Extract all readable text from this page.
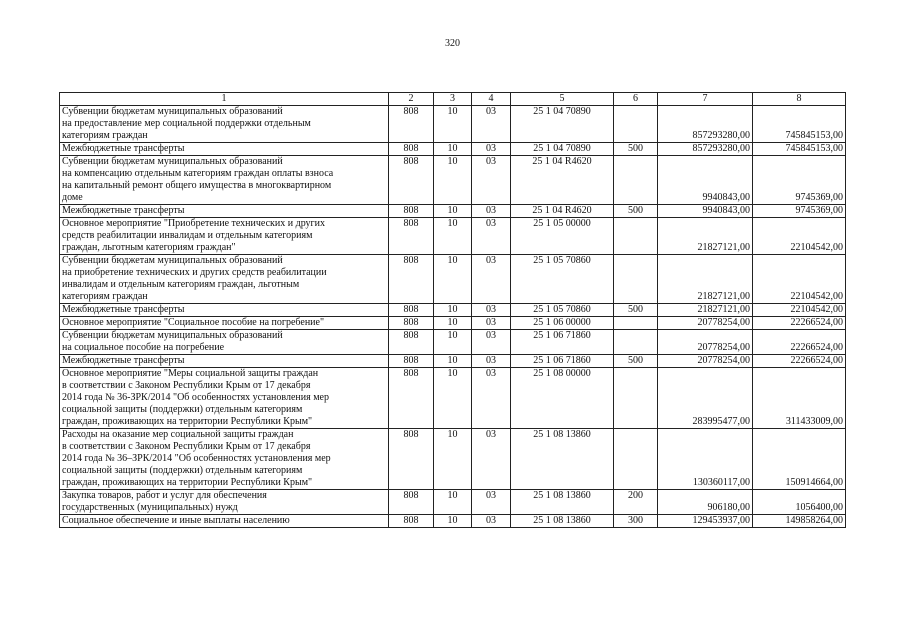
320
1	2	3	4	5	6	7	8

Субвенции бюджетам муниципальных образований
на предоставление мер социальной поддержки отдельным
категориям граждан	808	10	03	25 1 04 70890		857293280,00	745845153,00

Межбюджетные трансферты	808	10	03	25 1 04 70890	500	857293280,00	745845153,00

Субвенции бюджетам муниципальных образований
на компенсацию отдельным категориям граждан оплаты взноса
на капитальный ремонт общего имущества в многоквартирном
доме	808	10	03	25 1 04 R4620		9940843,00	9745369,00

Межбюджетные трансферты	808	10	03	25 1 04 R4620	500	9940843,00	9745369,00

Основное мероприятие "Приобретение технических и других
средств реабилитации инвалидам и отдельным категориям
граждан, льготным категориям граждан"	808	10	03	25 1 05 00000		21827121,00	22104542,00

Субвенции бюджетам муниципальных образований
на приобретение технических и других средств реабилитации
инвалидам и отдельным категориям граждан, льготным
категориям граждан	808	10	03	25 1 05 70860		21827121,00	22104542,00

Межбюджетные трансферты	808	10	03	25 1 05 70860	500	21827121,00	22104542,00

Основное мероприятие "Социальное пособие на погребение"	808	10	03	25 1 06 00000		20778254,00	22266524,00

Субвенции бюджетам муниципальных образований
на социальное пособие на погребение	808	10	03	25 1 06 71860		20778254,00	22266524,00

Межбюджетные трансферты	808	10	03	25 1 06 71860	500	20778254,00	22266524,00

Основное мероприятие "Меры социальной защиты граждан
в соответствии с Законом Республики Крым от 17 декабря
2014 года № 36-ЗРК/2014 "Об особенностях установления мер
социальной защиты (поддержки) отдельным категориям
граждан, проживающих на территории Республики Крым"	808	10	03	25 1 08 00000		283995477,00	311433009,00

Расходы на оказание мер социальной защиты граждан
в соответствии с Законом Республики Крым от 17 декабря
2014 года № 36–ЗРК/2014 "Об особенностях установления мер
социальной защиты (поддержки) отдельным категориям
граждан, проживающих на территории Республики Крым"	808	10	03	25 1 08 13860		130360117,00	150914664,00

Закупка товаров, работ и услуг для обеспечения
государственных (муниципальных) нужд	808	10	03	25 1 08 13860	200	906180,00	1056400,00

Социальное обеспечение и иные выплаты населению	808	10	03	25 1 08 13860	300	129453937,00	149858264,00
